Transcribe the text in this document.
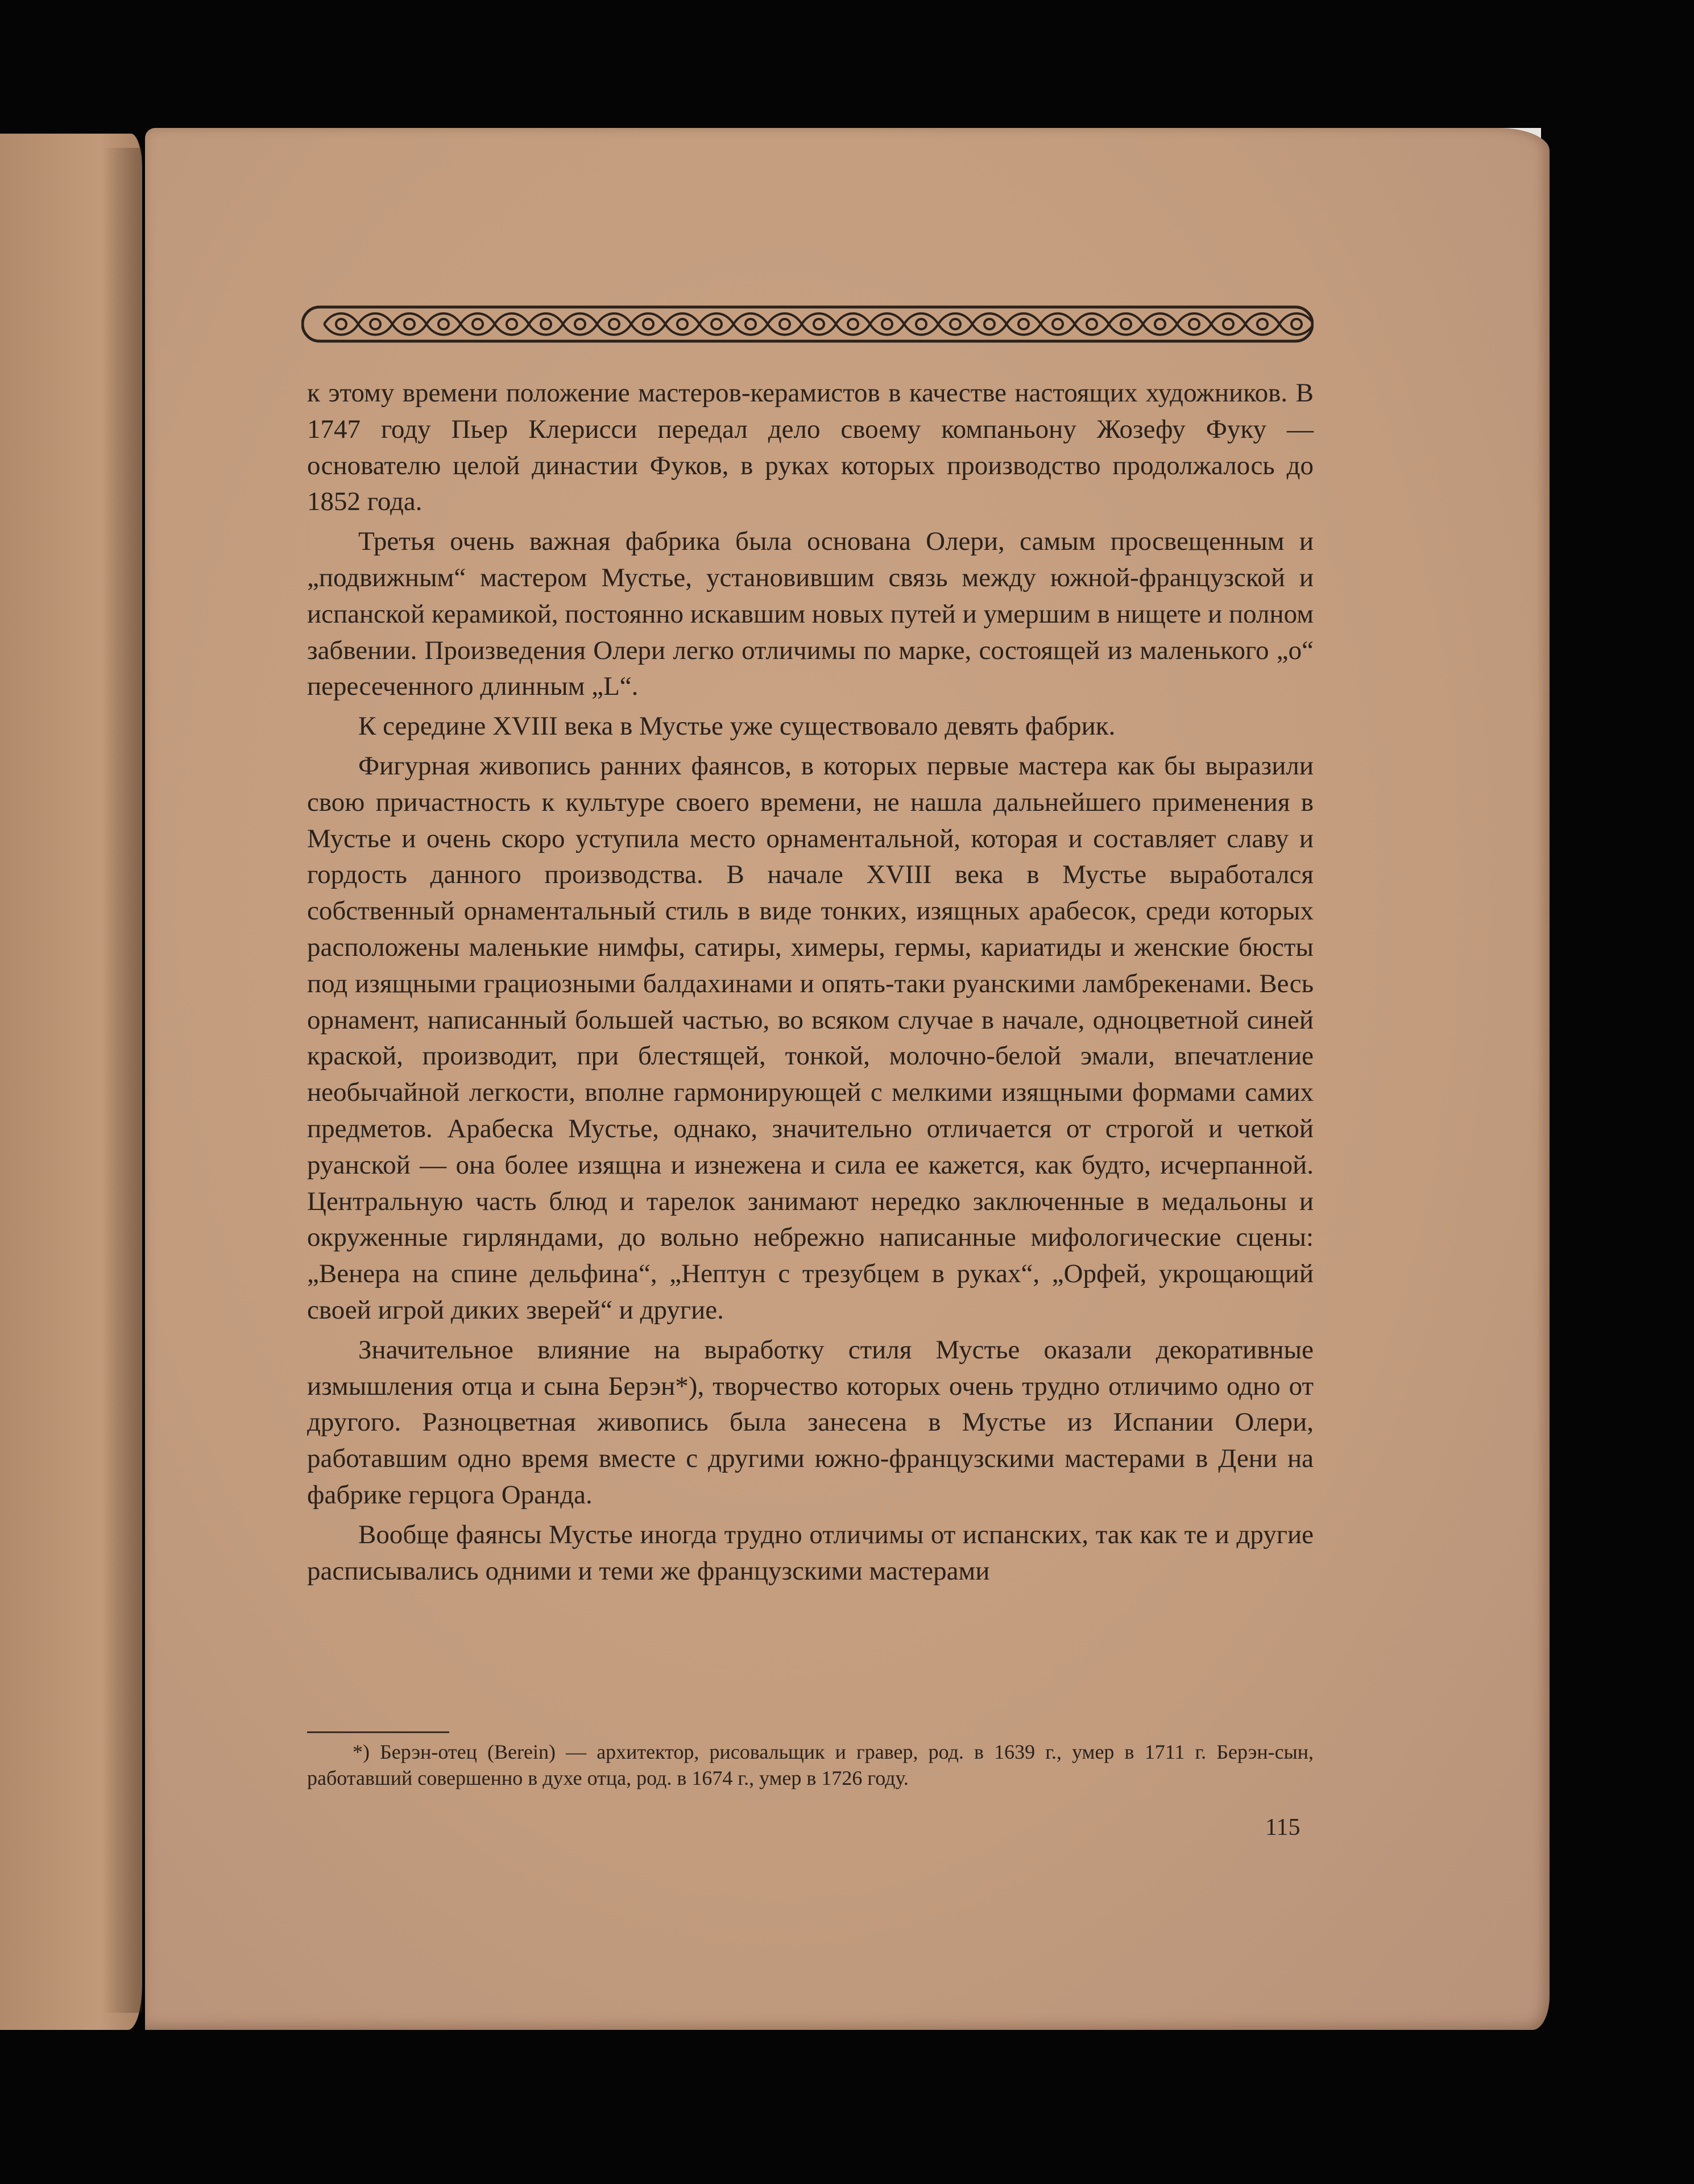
к этому времени положение мастеров-керамистов в качестве настоящих художников. В 1747 году Пьер Клерисси передал дело своему компаньону Жозефу Фуку — основателю целой династии Фуков, в руках которых производство продолжалось до 1852 года.

Третья очень важная фабрика была основана Олери, самым просвещенным и „подвижным“ мастером Мустье, установившим связь между южной-французской и испанской керамикой, постоянно искавшим новых путей и умершим в нищете и полном забвении. Произведения Олери легко отличимы по марке, состоящей из маленького „о“ пересеченного длинным „L“.

К середине XVIII века в Мустье уже существовало девять фабрик.

Фигурная живопись ранних фаянсов, в которых первые мастера как бы выразили свою причастность к культуре своего времени, не нашла дальнейшего применения в Мустье и очень скоро уступила место орнаментальной, которая и составляет славу и гордость данного производства. В начале XVIII века в Мустье выработался собственный орнаментальный стиль в виде тонких, изящных арабесок, среди которых расположены маленькие нимфы, сатиры, химеры, гермы, кариатиды и женские бюсты под изящными грациозными балдахинами и опять-таки руанскими ламбрекенами. Весь орнамент, написанный большей частью, во всяком случае в начале, одноцветной синей краской, производит, при блестящей, тонкой, молочно-белой эмали, впечатление необычайной легкости, вполне гармонирующей с мелкими изящными формами самих предметов. Арабеска Мустье, однако, значительно отличается от строгой и четкой руанской — она более изящна и изнежена и сила ее кажется, как будто, исчерпанной. Центральную часть блюд и тарелок занимают нередко заключенные в медальоны и окруженные гирляндами, до вольно небрежно написанные мифологические сцены: „Венера на спине дельфина“, „Нептун с трезубцем в руках“, „Орфей, укрощающий своей игрой диких зверей“ и другие.

Значительное влияние на выработку стиля Мустье оказали декоративные измышления отца и сына Берэн*), творчество которых очень трудно отличимо одно от другого. Разноцветная живопись была занесена в Мустье из Испании Олери, работавшим одно время вместе с другими южно-французскими мастерами в Дени на фабрике герцога Оранда.

Вообще фаянсы Мустье иногда трудно отличимы от испанских, так как те и другие расписывались одними и теми же французскими мастерами

*) Берэн-отец (Berein) — архитектор, рисовальщик и гравер, род. в 1639 г., умер в 1711 г. Берэн-сын, работавший совершенно в духе отца, род. в 1674 г., умер в 1726 году.
115
